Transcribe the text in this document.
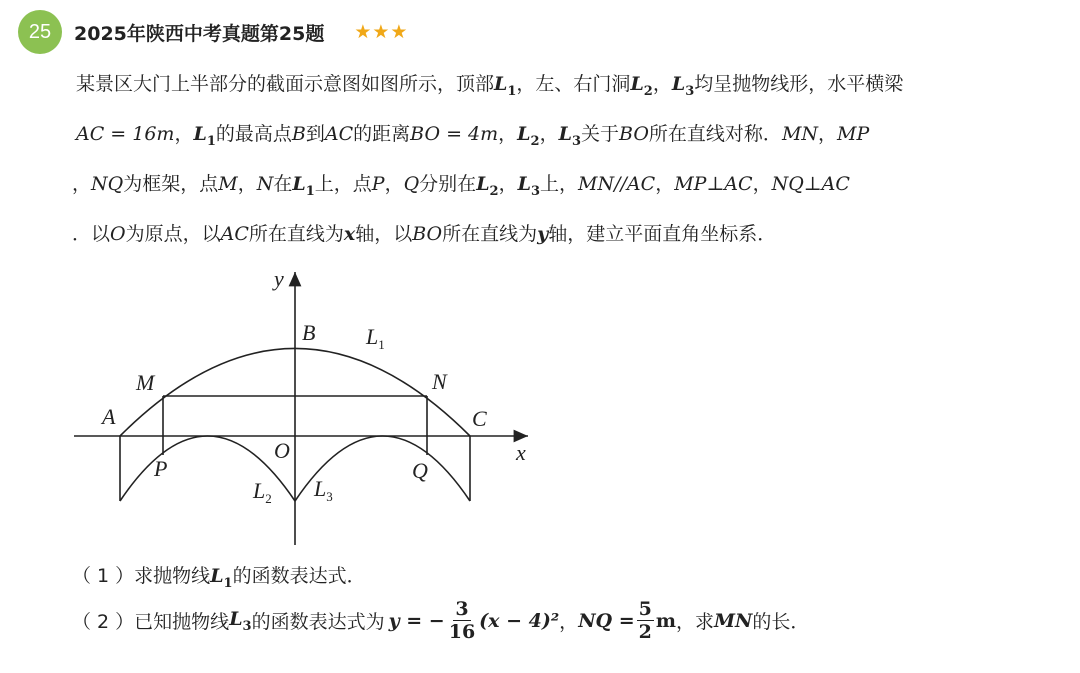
25	2025年陕西中考真题第25题 ★★★
某景区大门上半部分的截面示意图如图所示，顶部$L_1$，左、右门洞$L_2$，$L_3$均呈抛物线形，水平横梁
AC = 16m，$L_1$的最高点B到AC的距离BO = 4m，$L_2$，$L_3$关于BO所在直线对称．MN，MP
，NQ为框架，点M，N在$L_1$上，点P，Q分别在$L_2$，$L_3$上，MN//AC，MP⊥AC，NQ⊥AC
．以O为原点，以AC所在直线为x轴，以BO所在直线为y轴，建立平面直角坐标系．
y
x
B $L_1$
M	N
A	C
O
P	Q
$L_2$ $L_3$
（ 1 ）求抛物线$L_1$的函数表达式．
（ 2 ） 已知抛物线 $L_3$ 的函数表达式为 y = − $\frac{3}{16} (x - 4)^2$ ， NQ = $\frac{5}{2}$ m ，求 MN 的长．
